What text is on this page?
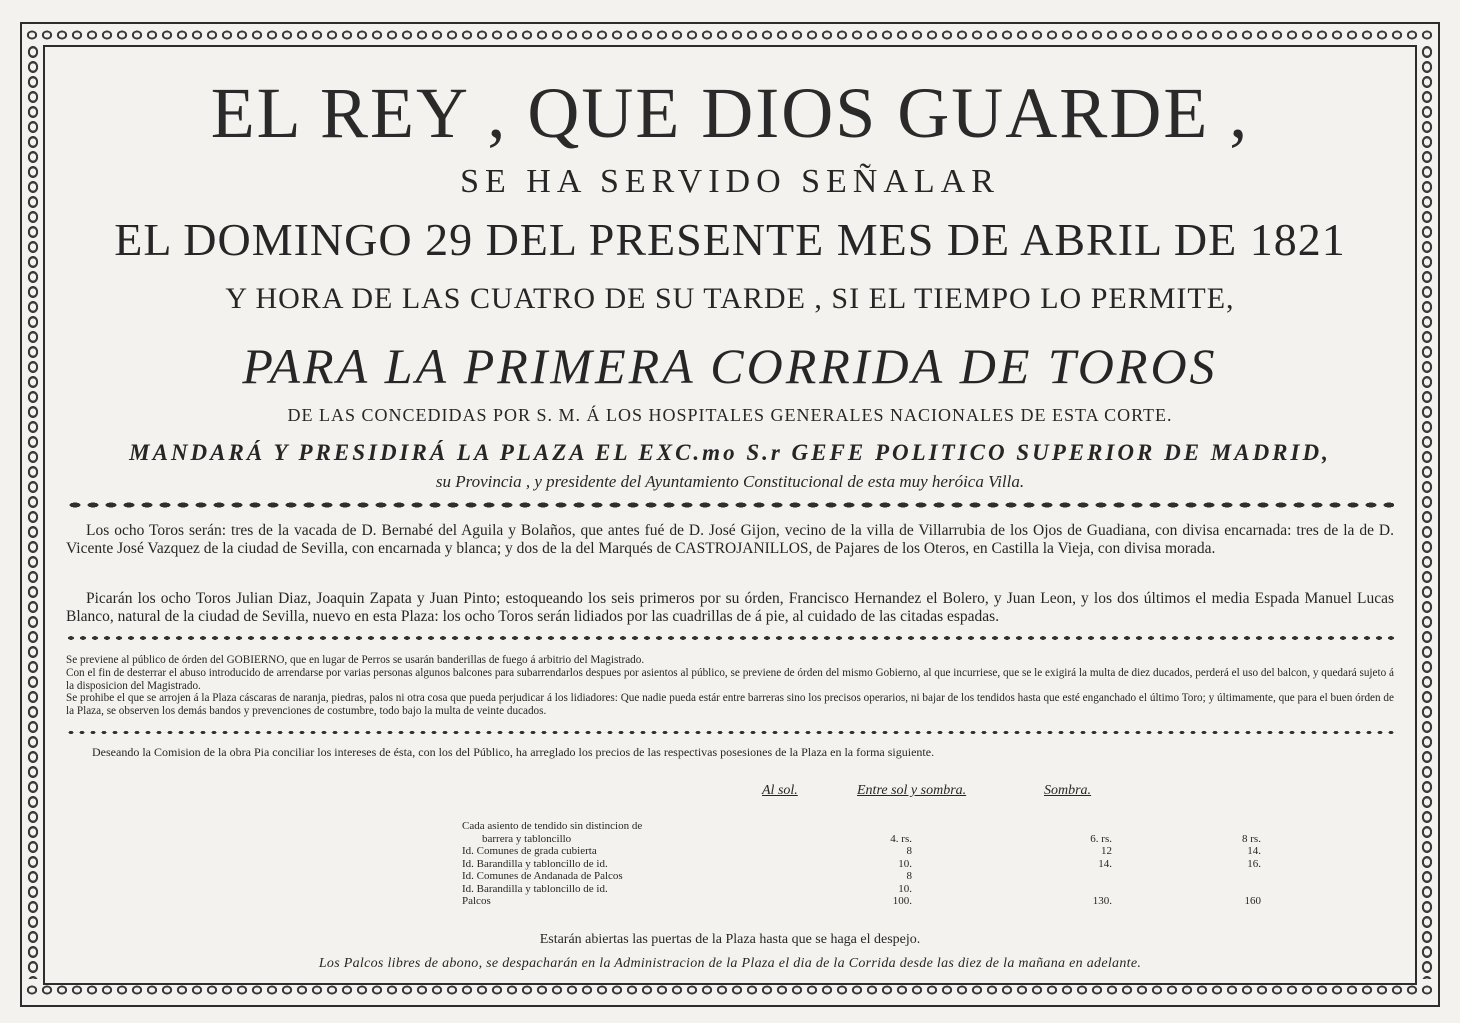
EL REY , QUE DIOS GUARDE ,
SE HA SERVIDO SEÑALAR
EL DOMINGO 29 DEL PRESENTE MES DE ABRIL DE 1821
Y HORA DE LAS CUATRO DE SU TARDE , SI EL TIEMPO LO PERMITE,
PARA LA PRIMERA CORRIDA DE TOROS
DE LAS CONCEDIDAS POR S. M. Á LOS HOSPITALES GENERALES NACIONALES DE ESTA CORTE.
MANDARÁ Y PRESIDIRÁ LA PLAZA EL EXC.mo S.r GEFE POLITICO SUPERIOR DE MADRID,
su Provincia , y presidente del Ayuntamiento Constitucional de esta muy heróica Villa.
Los ocho Toros serán: tres de la vacada de D. Bernabé del Aguila y Bolaños, que antes fué de D. José Gijon, vecino de la villa de Villarrubia de los Ojos de Guadiana, con divisa encarnada: tres de la de D. Vicente José Vazquez de la ciudad de Sevilla, con encarnada y blanca; y dos de la del Marqués de CASTROJANILLOS, de Pajares de los Oteros, en Castilla la Vieja, con divisa morada.
Picarán los ocho Toros Julian Diaz, Joaquin Zapata y Juan Pinto; estoqueando los seis primeros por su órden, Francisco Hernandez el Bolero, y Juan Leon, y los dos últimos el media Espada Manuel Lucas Blanco, natural de la ciudad de Sevilla, nuevo en esta Plaza: los ocho Toros serán lidiados por las cuadrillas de á pie, al cuidado de las citadas espadas.
Se previene al público de órden del GOBIERNO, que en lugar de Perros se usarán banderillas de fuego á arbitrio del Magistrado.
Con el fin de desterrar el abuso introducido de arrendarse por varias personas algunos balcones para subarrendarlos despues por asientos al público, se previene de órden del mismo Gobierno, al que incurriese, que se le exigirá la multa de diez ducados, perderá el uso del balcon, y quedará sujeto á la disposicion del Magistrado.
Se prohibe el que se arrojen á la Plaza cáscaras de naranja, piedras, palos ni otra cosa que pueda perjudicar á los lidiadores: Que nadie pueda estár entre barreras sino los precisos operarios, ni bajar de los tendidos hasta que esté enganchado el último Toro; y últimamente, que para el buen órden de la Plaza, se observen los demás bandos y prevenciones de costumbre, todo bajo la multa de veinte ducados.
Deseando la Comision de la obra Pia conciliar los intereses de ésta, con los del Público, ha arreglado los precios de las respectivas posesiones de la Plaza en la forma siguiente.
Al sol.	Entre sol y sombra.	Sombra.
Cada asiento de tendido sin distincion de			
barrera y tabloncillo	4. rs.	6. rs.	8 rs.
Id. Comunes de grada cubierta	8	12	14.
Id. Barandilla y tabloncillo de id.	10.	14.	16.
Id. Comunes de Andanada de Palcos	8		
Id. Barandilla y tabloncillo de id.	10.		
Palcos	100.	130.	160
Estarán abiertas las puertas de la Plaza hasta que se haga el despejo.
Los Palcos libres de abono, se despacharán en la Administracion de la Plaza el dia de la Corrida desde las diez de la mañana en adelante.
